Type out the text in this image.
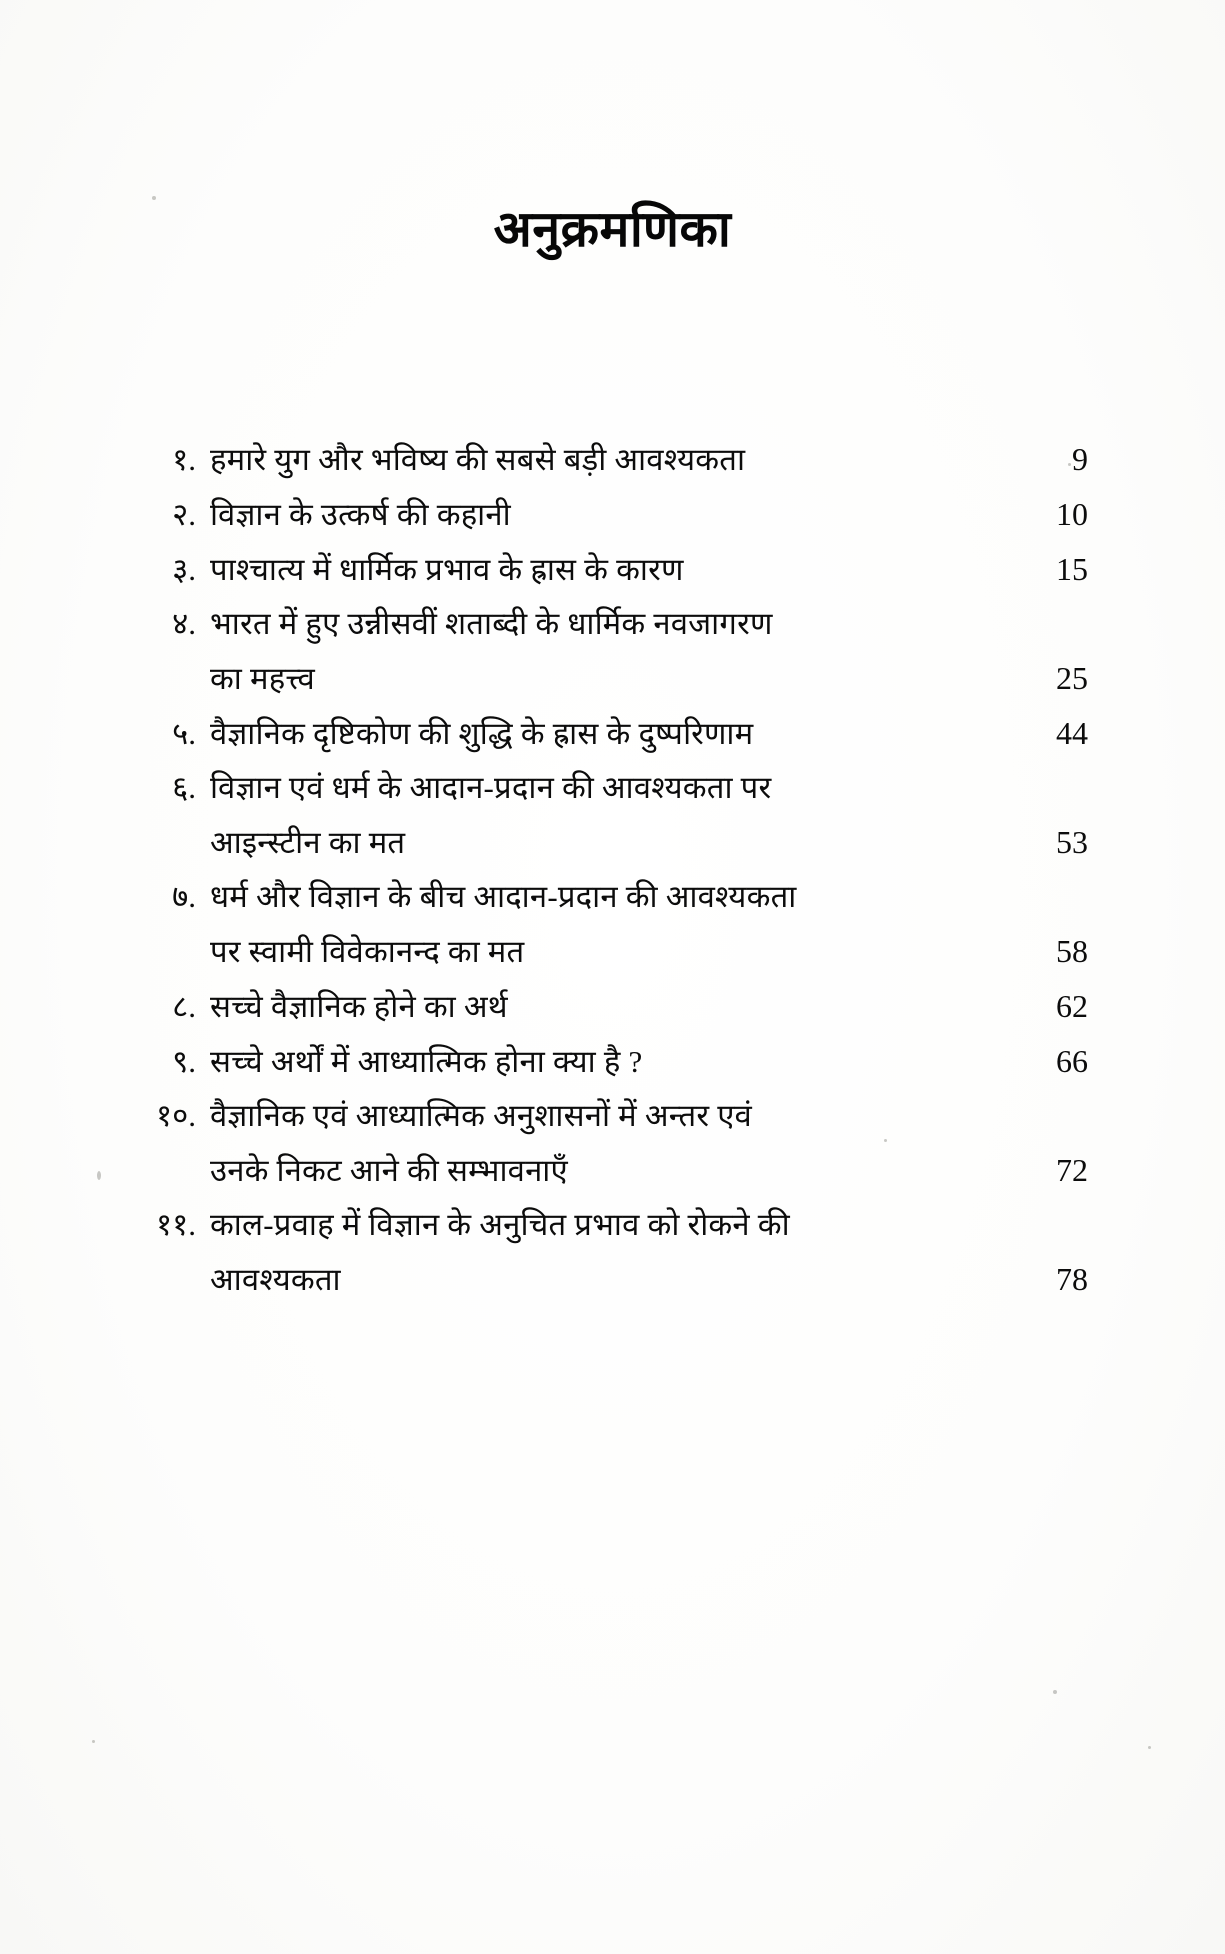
अनुक्रमणिका
१. हमारे युग और भविष्य की सबसे बड़ी आवश्यकता	9
२. विज्ञान के उत्कर्ष की कहानी	10
३. पाश्चात्य में धार्मिक प्रभाव के ह्रास के कारण	15
४. भारत में हुए उन्नीसवीं शताब्दी के धार्मिक नवजागरण
का महत्त्व	25
५. वैज्ञानिक दृष्टिकोण की शुद्धि के ह्रास के दुष्परिणाम	44
६. विज्ञान एवं धर्म के आदान-प्रदान की आवश्यकता पर
आइन्स्टीन का मत	53
७. धर्म और विज्ञान के बीच आदान-प्रदान की आवश्यकता
पर स्वामी विवेकानन्द का मत	58
८. सच्चे वैज्ञानिक होने का अर्थ	62
९. सच्चे अर्थों में आध्यात्मिक होना क्या है ?	66
१०. वैज्ञानिक एवं आध्यात्मिक अनुशासनों में अन्तर एवं
उनके निकट आने की सम्भावनाएँ	72
११. काल-प्रवाह में विज्ञान के अनुचित प्रभाव को रोकने की
आवश्यकता	78
